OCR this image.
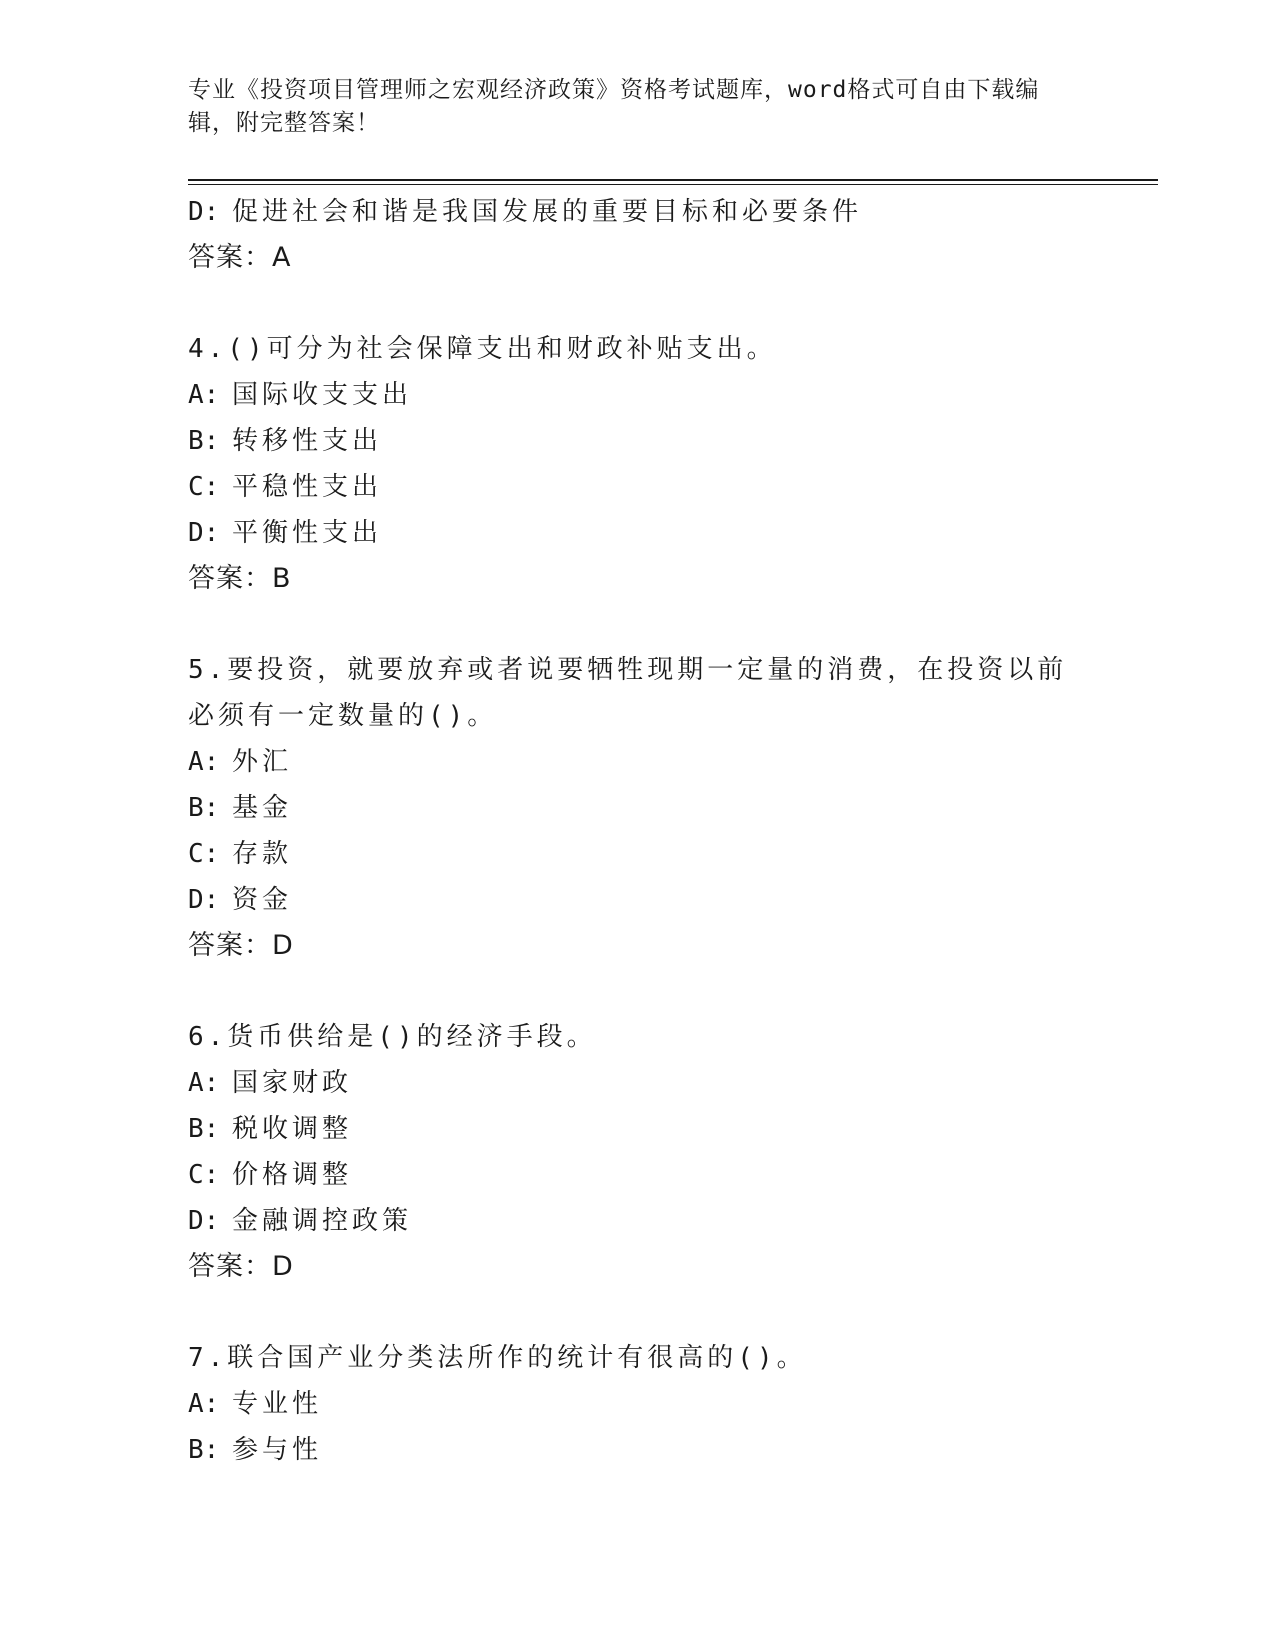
专业《投资项目管理师之宏观经济政策》资格考试题库，word格式可自由下载编辑，附完整答案！
D: 促进社会和谐是我国发展的重要目标和必要条件
答案：A
4.()可分为社会保障支出和财政补贴支出。
A: 国际收支支出
B: 转移性支出
C: 平稳性支出
D: 平衡性支出
答案：B
5.要投资，就要放弃或者说要牺牲现期一定量的消费，在投资以前必须有一定数量的()。
A: 外汇
B: 基金
C: 存款
D: 资金
答案：D
6.货币供给是()的经济手段。
A: 国家财政
B: 税收调整
C: 价格调整
D: 金融调控政策
答案：D
7.联合国产业分类法所作的统计有很高的()。
A: 专业性
B: 参与性
